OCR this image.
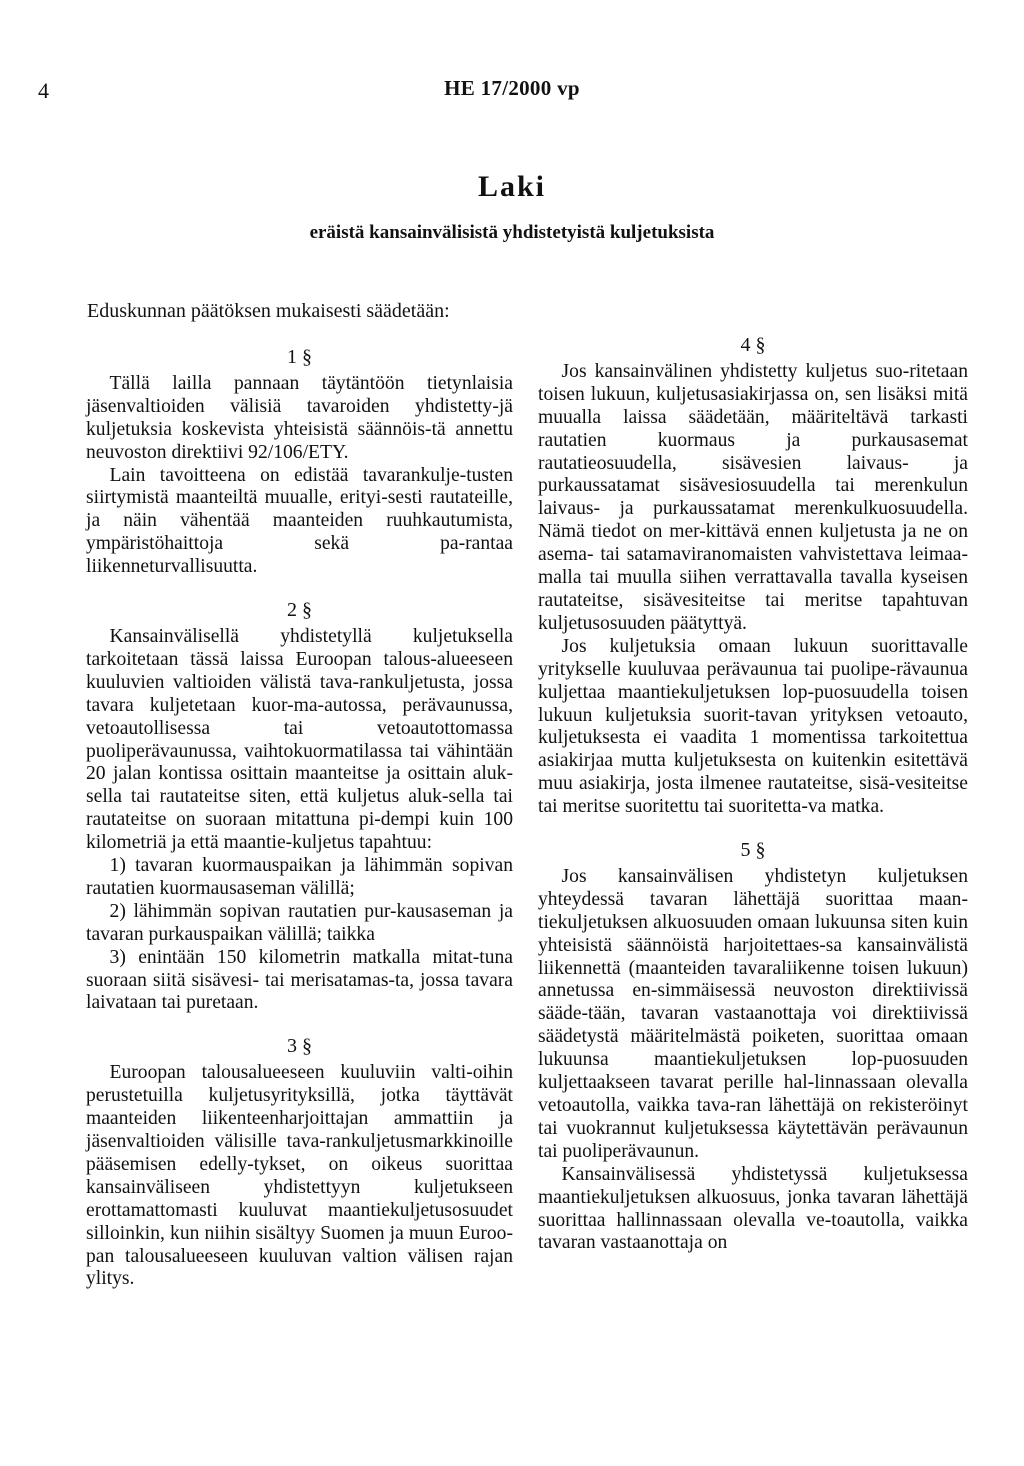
4	HE 17/2000 vp
Laki
eräistä kansainvälisistä yhdistetyistä kuljetuksista
Eduskunnan päätöksen mukaisesti säädetään:
1 §

Tällä lailla pannaan täytäntöön tietynlaisia jäsenvaltioiden välisiä tavaroiden yhdistetty-jä kuljetuksia koskevista yhteisistä säännöis-tä annettu neuvoston direktiivi 92/106/ETY.

Lain tavoitteena on edistää tavarankulje-tusten siirtymistä maanteiltä muualle, erityi-sesti rautateille, ja näin vähentää maanteiden ruuhkautumista, ympäristöhaittoja sekä pa-rantaa liikenneturvallisuutta.

2 §

Kansainvälisellä yhdistetyllä kuljetuksella tarkoitetaan tässä laissa Euroopan talous-alueeseen kuuluvien valtioiden välistä tava-rankuljetusta, jossa tavara kuljetetaan kuor-ma-autossa, perävaunussa, vetoautollisessa tai vetoautottomassa puoliperävaunussa, vaihtokuormatilassa tai vähintään 20 jalan kontissa osittain maanteitse ja osittain aluk-sella tai rautateitse siten, että kuljetus aluk-sella tai rautateitse on suoraan mitattuna pi-dempi kuin 100 kilometriä ja että maantie-kuljetus tapahtuu:

1) tavaran kuormauspaikan ja lähimmän sopivan rautatien kuormausaseman välillä;

2) lähimmän sopivan rautatien pur-kausaseman ja tavaran purkauspaikan välillä; taikka

3) enintään 150 kilometrin matkalla mitat-tuna suoraan siitä sisävesi- tai merisatamas-ta, jossa tavara laivataan tai puretaan.

3 §

Euroopan talousalueeseen kuuluviin valti-oihin perustetuilla kuljetusyrityksillä, jotka täyttävät maanteiden liikenteenharjoittajan ammattiin ja jäsenvaltioiden välisille tava-rankuljetusmarkkinoille pääsemisen edelly-tykset, on oikeus suorittaa kansainväliseen yhdistettyyn kuljetukseen erottamattomasti kuuluvat maantiekuljetusosuudet silloinkin, kun niihin sisältyy Suomen ja muun Euroo-pan talousalueeseen kuuluvan valtion välisen rajan ylitys.

4 §

Jos kansainvälinen yhdistetty kuljetus suo-ritetaan toisen lukuun, kuljetusasiakirjassa on, sen lisäksi mitä muualla laissa säädetään, määriteltävä tarkasti rautatien kuormaus ja purkausasemat rautatieosuudella, sisävesien laivaus- ja purkaussatamat sisävesiosuudella tai merenkulun laivaus- ja purkaussatamat merenkulkuosuudella. Nämä tiedot on mer-kittävä ennen kuljetusta ja ne on asema- tai satamaviranomaisten vahvistettava leimaa-malla tai muulla siihen verrattavalla tavalla kyseisen rautateitse, sisävesiteitse tai meritse tapahtuvan kuljetusosuuden päätyttyä.

Jos kuljetuksia omaan lukuun suorittavalle yritykselle kuuluvaa perävaunua tai puolipe-rävaunua kuljettaa maantiekuljetuksen lop-puosuudella toisen lukuun kuljetuksia suorit-tavan yrityksen vetoauto, kuljetuksesta ei vaadita 1 momentissa tarkoitettua asiakirjaa mutta kuljetuksesta on kuitenkin esitettävä muu asiakirja, josta ilmenee rautateitse, sisä-vesiteitse tai meritse suoritettu tai suoritetta-va matka.

5 §

Jos kansainvälisen yhdistetyn kuljetuksen yhteydessä tavaran lähettäjä suorittaa maan-tiekuljetuksen alkuosuuden omaan lukuunsa siten kuin yhteisistä säännöistä harjoitettaes-sa kansainvälistä liikennettä (maanteiden tavaraliikenne toisen lukuun) annetussa en-simmäisessä neuvoston direktiivissä sääde-tään, tavaran vastaanottaja voi direktiivissä säädetystä määritelmästä poiketen, suorittaa omaan lukuunsa maantiekuljetuksen lop-puosuuden kuljettaakseen tavarat perille hal-linnassaan olevalla vetoautolla, vaikka tava-ran lähettäjä on rekisteröinyt tai vuokrannut kuljetuksessa käytettävän perävaunun tai puoliperävaunun.

Kansainvälisessä yhdistetyssä kuljetuksessa maantiekuljetuksen alkuosuus, jonka tavaran lähettäjä suorittaa hallinnassaan olevalla ve-toautolla, vaikka tavaran vastaanottaja on
